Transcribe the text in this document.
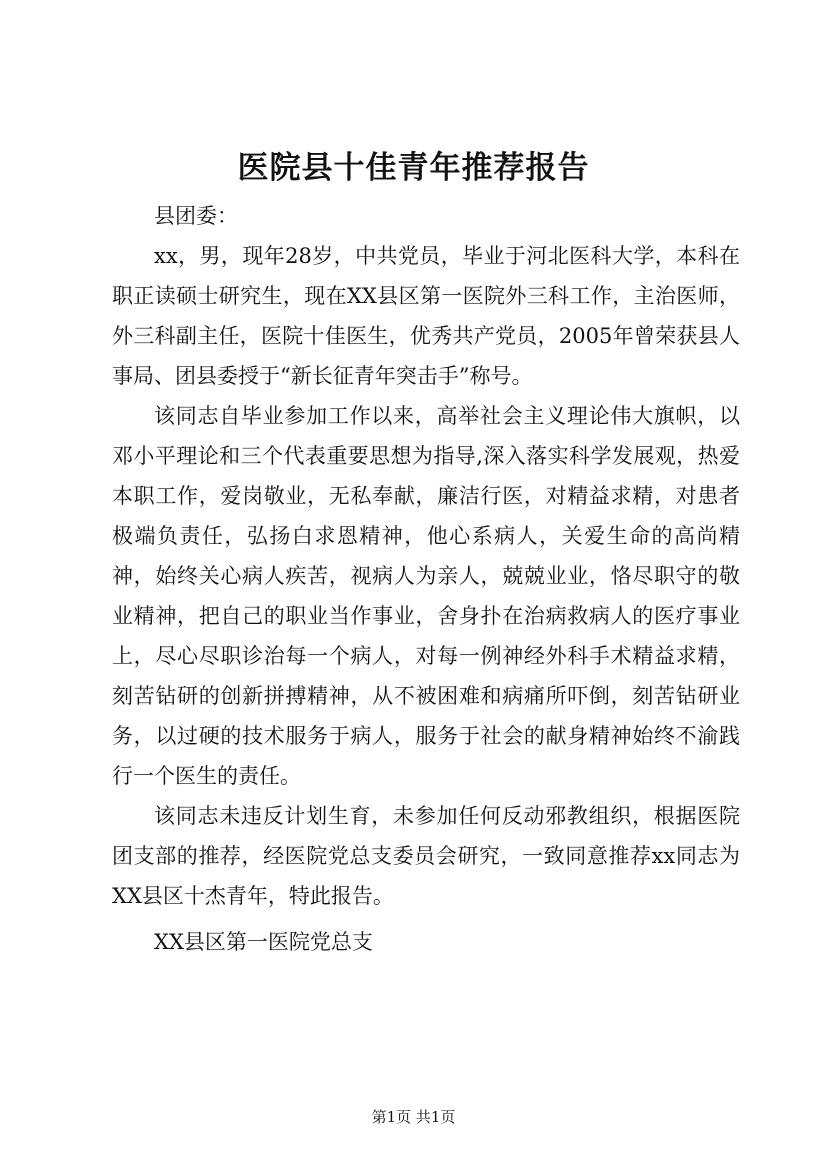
医院县十佳青年推荐报告

县团委：

xx，男，现年28岁，中共党员，毕业于河北医科大学，本科在职正读硕士研究生，现在XX县区第一医院外三科工作，主治医师，外三科副主任，医院十佳医生，优秀共产党员，2005年曾荣获县人事局、团县委授于“新长征青年突击手”称号。

该同志自毕业参加工作以来，高举社会主义理论伟大旗帜，以邓小平理论和三个代表重要思想为指导,深入落实科学发展观，热爱本职工作，爱岗敬业，无私奉献，廉洁行医，对精益求精，对患者极端负责任，弘扬白求恩精神，他心系病人，关爱生命的高尚精神，始终关心病人疾苦，视病人为亲人，兢兢业业，恪尽职守的敬业精神，把自己的职业当作事业，舍身扑在治病救病人的医疗事业上，尽心尽职诊治每一个病人，对每一例神经外科手术精益求精，刻苦钻研的创新拼搏精神，从不被困难和病痛所吓倒，刻苦钻研业务，以过硬的技术服务于病人，服务于社会的献身精神始终不渝践行一个医生的责任。

该同志未违反计划生育，未参加任何反动邪教组织，根据医院团支部的推荐，经医院党总支委员会研究，一致同意推荐xx同志为XX县区十杰青年，特此报告。

XX县区第一医院党总支

第1页 共1页
